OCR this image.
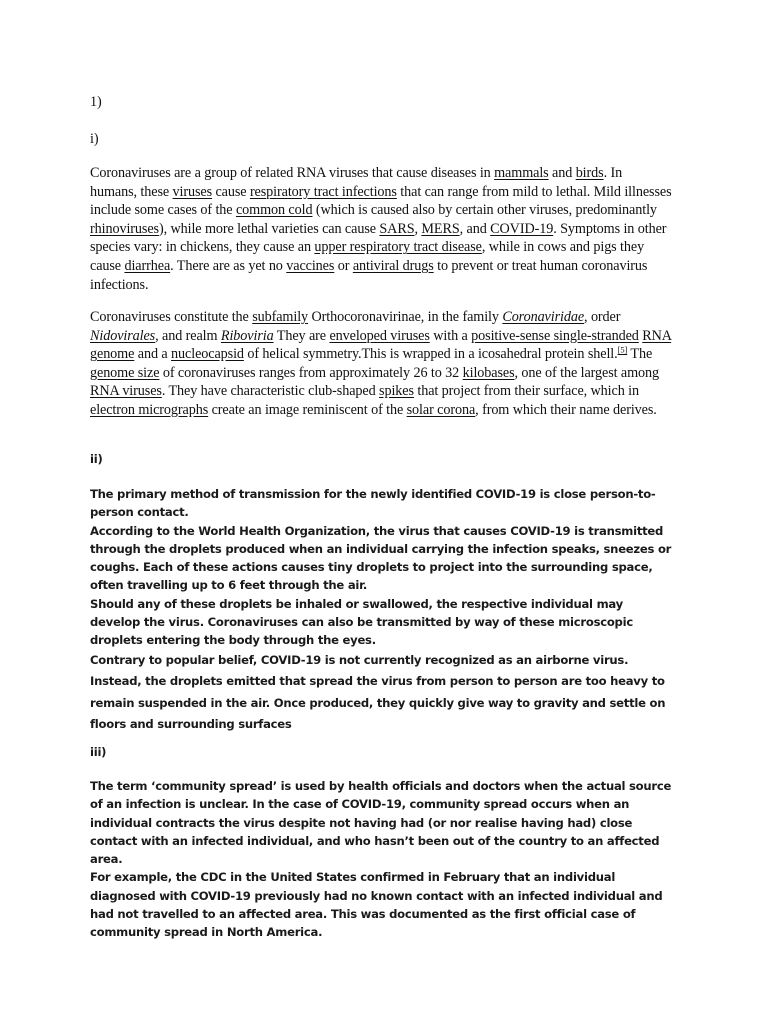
1)

i)

Coronaviruses are a group of related RNA viruses that cause diseases in mammals and birds. In humans, these viruses cause respiratory tract infections that can range from mild to lethal. Mild illnesses include some cases of the common cold (which is caused also by certain other viruses, predominantly rhinoviruses), while more lethal varieties can cause SARS, MERS, and COVID-19. Symptoms in other species vary: in chickens, they cause an upper respiratory tract disease, while in cows and pigs they cause diarrhea. There are as yet no vaccines or antiviral drugs to prevent or treat human coronavirus infections.

Coronaviruses constitute the subfamily Orthocoronavirinae, in the family Coronaviridae, order Nidovirales, and realm Riboviria They are enveloped viruses with a positive-sense single-stranded RNA genome and a nucleocapsid of helical symmetry.This is wrapped in a icosahedral protein shell.[5] The genome size of coronaviruses ranges from approximately 26 to 32 kilobases, one of the largest among RNA viruses. They have characteristic club-shaped spikes that project from their surface, which in electron micrographs create an image reminiscent of the solar corona, from which their name derives.

ii)

The primary method of transmission for the newly identified COVID-19 is close person-to-person contact.
According to the World Health Organization, the virus that causes COVID-19 is transmitted through the droplets produced when an individual carrying the infection speaks, sneezes or coughs. Each of these actions causes tiny droplets to project into the surrounding space, often travelling up to 6 feet through the air.
Should any of these droplets be inhaled or swallowed, the respective individual may develop the virus. Coronaviruses can also be transmitted by way of these microscopic droplets entering the body through the eyes.
Contrary to popular belief, COVID-19 is not currently recognized as an airborne virus. Instead, the droplets emitted that spread the virus from person to person are too heavy to remain suspended in the air. Once produced, they quickly give way to gravity and settle on floors and surrounding surfaces

iii)

The term ‘community spread’ is used by health officials and doctors when the actual source of an infection is unclear. In the case of COVID-19, community spread occurs when an individual contracts the virus despite not having had (or nor realise having had) close contact with an infected individual, and who hasn’t been out of the country to an affected area.
For example, the CDC in the United States confirmed in February that an individual diagnosed with COVID-19 previously had no known contact with an infected individual and had not travelled to an affected area. This was documented as the first official case of community spread in North America.
